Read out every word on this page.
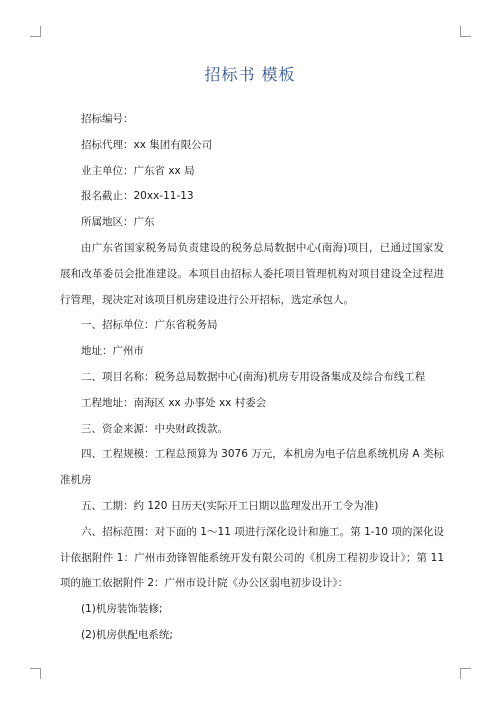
招标书 模板

招标编号：

招标代理：xx 集团有限公司

业主单位：广东省 xx 局

报名截止：20xx-11-13

所属地区：广东

由广东省国家税务局负责建设的税务总局数据中心(南海)项目，已通过国家发展和改革委员会批准建设。本项目由招标人委托项目管理机构对项目建设全过程进行管理，现决定对该项目机房建设进行公开招标，选定承包人。

一、招标单位：广东省税务局

地址：广州市

二、项目名称：税务总局数据中心(南海)机房专用设备集成及综合布线工程

工程地址：南海区 xx 办事处 xx 村委会

三、资金来源：中央财政拨款。

四、工程规模：工程总预算为 3076 万元，本机房为电子信息系统机房 A 类标准机房

五、工期：约 120 日历天(实际开工日期以监理发出开工令为准)

六、招标范围：对下面的 1～11 项进行深化设计和施工。第 1-10 项的深化设计依据附件 1：广州市劲锋智能系统开发有限公司的《机房工程初步设计》；第 11 项的施工依据附件 2：广州市设计院《办公区弱电初步设计》：

(1)机房装饰装修;

(2)机房供配电系统;
